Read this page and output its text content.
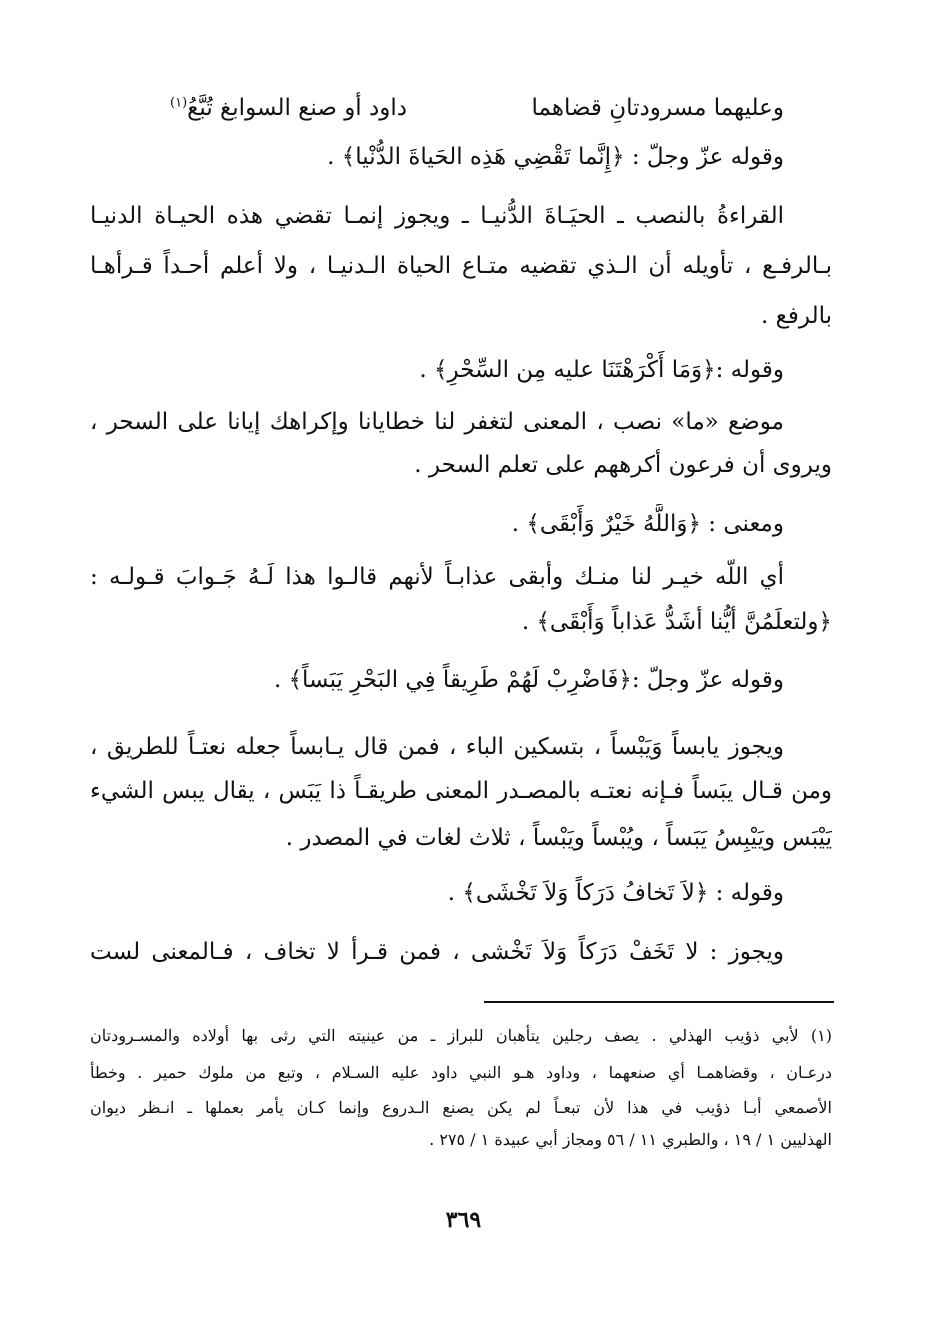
وعليهما مسرودتانِ قضاهما
داود أو صنع السوابغ تُبَّعُ$^{(١)}$
وقوله عزّ وجلّ : ﴿إِنَّما تَقْضِي هَذِه الحَياةَ الدُّنْيا﴾ .
القراءةُ بالنصب ـ الحيَـاةَ الدُّنيـا ـ ويجوز إنمـا تقضي هذه الحيـاة الدنيـا
بـالرفـع ، تأويله أن الـذي تقضيه متـاع الحياة الـدنيـا ، ولا أعلم أحـداً قـرأهـا
بالرفع .
وقوله :﴿وَمَا أَكْرَهْتَنَا عليه مِن السِّحْرِ﴾ .
موضع «ما» نصب ، المعنى لتغفر لنا خطايانا وإكراهك إيانا على السحر ،
ويروى أن فرعون أكرههم على تعلم السحر .
ومعنى : ﴿وَاللَّهُ خَيْرٌ وَأَبْقَى﴾ .
أي اللّه خيـر لنا منـك وأبقى عذابـاً لأنهم قالـوا هذا لَـهُ جَـوابَ قـولـه :
﴿ولتعلَمُنَّ أيُّنا أشَدُّ عَذاباً وَأَبْقَى﴾ .
وقوله عزّ وجلّ :﴿فَاضْرِبْ لَهُمْ طَرِيقاً فِي البَحْرِ يَبَساً﴾ .
ويجوز يابساً وَيَبْساً ، بتسكين الباء ، فمن قال يـابساً جعله نعتـاً للطريق ،
ومن قـال يبَساً فـإنه نعتـه بالمصـدر المعنى طريقـاً ذا يَبَس ، يقال يبس الشيء
يَيْبَس ويَيْبِسُ يَبَساً ، ويُبْساً ويَبْساً ، ثلاث لغات في المصدر .
وقوله : ﴿لاَ تَخافُ دَرَكاً وَلاَ تَخْشَى﴾ .
ويجوز : لا تَخَفْ دَرَكاً وَلاَ تَخْشى ، فمن قـرأ لا تخاف ، فـالمعنى لست
(١) لأبي ذؤيب الهذلي . يصف رجلين يتأهبان للبراز ـ من عينيته التي رثى بها أولاده والمسـرودتان
درعـان ، وقضاهمـا أي صنعهما ، وداود هـو النبي داود عليه السـلام ، وتبع من ملوك حمير . وخطأ
الأصمعي أبـا ذؤيب في هذا لأن تبعـاً لم يكن يصنع الـدروع وإنما كـان يأمر بعملها ـ انـظر ديوان
الهذليين ١ / ١٩ ، والطبري ١١ / ٥٦ ومجاز أبي عبيدة ١ / ٢٧٥ .
٣٦٩
